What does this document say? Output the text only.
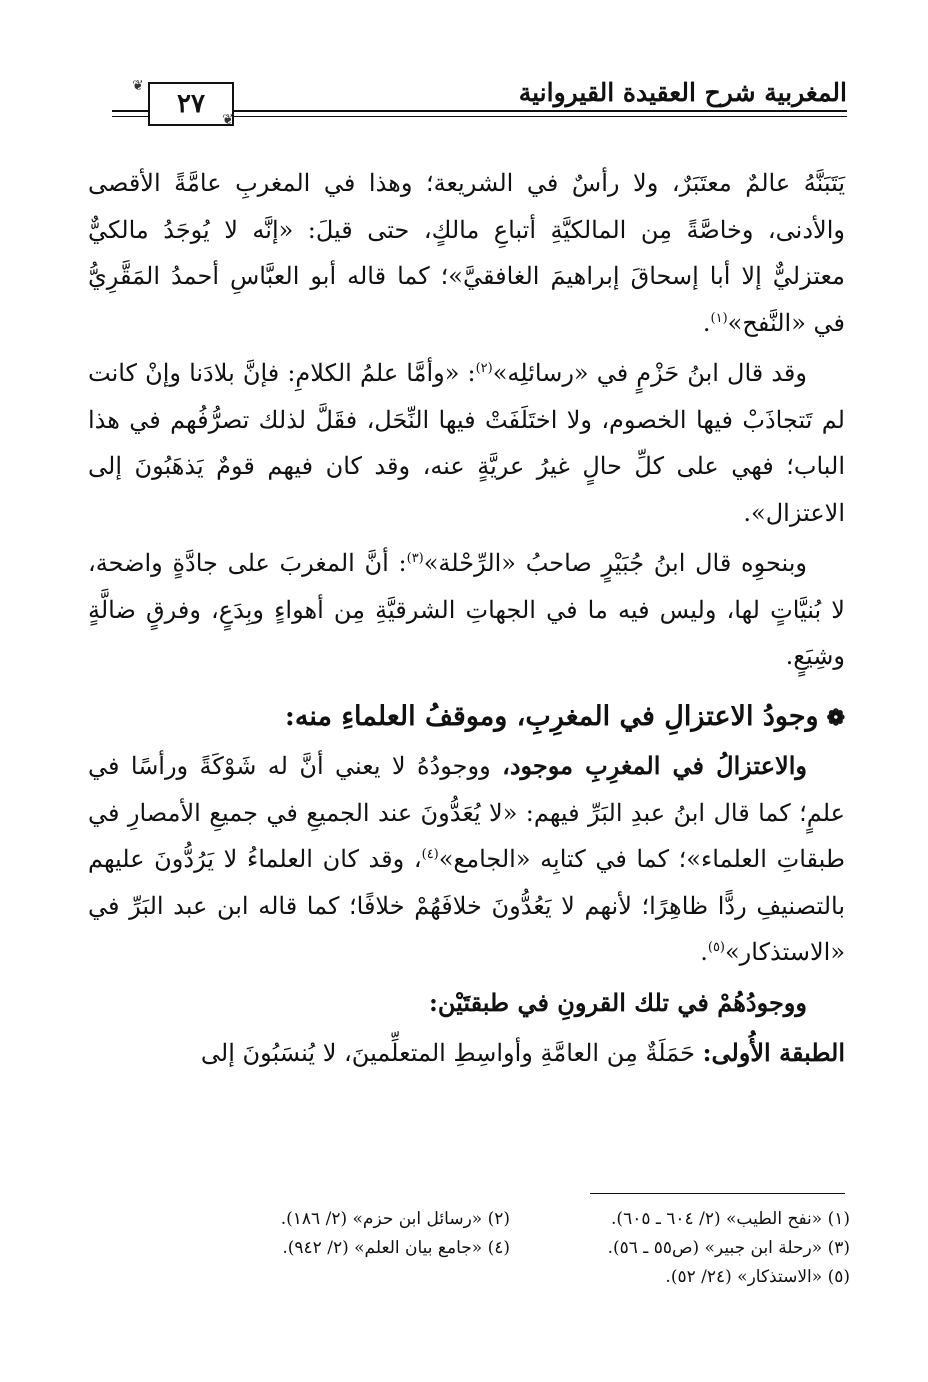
المغربية شرح العقيدة القيروانية
٢٧
❦
❦

يَتَبَنَّهُ عالمٌ معتَبَرٌ، ولا رأسٌ في الشريعة؛ وهذا في المغربِ عامَّةً الأقصى والأدنى، وخاصَّةً مِن المالكيَّةِ أتباعِ مالكٍ، حتى قيلَ: «إنَّه لا يُوجَدُ مالكيٌّ معتزليٌّ إلا أبا إسحاقَ إبراهيمَ الغافقيَّ»؛ كما قاله أبو العبَّاسِ أحمدُ المَقَّرِيُّ في «النَّفح»$^{(١)}$.

وقد قال ابنُ حَزْمٍ في «رسائلِه»$^{(٢)}$: «وأمَّا علمُ الكلامِ: فإنَّ بلادَنا وإنْ كانت لم تَتجاذَبْ فيها الخصوم، ولا اختَلَفَتْ فيها النِّحَل، فقَلَّ لذلك تصرُّفُهم في هذا الباب؛ فهي على كلِّ حالٍ غيرُ عريَّةٍ عنه، وقد كان فيهم قومٌ يَذهَبُونَ إلى الاعتزال».

وبنحوِه قال ابنُ جُبَيْرٍ صاحبُ «الرِّحْلة»$^{(٣)}$: أنَّ المغربَ على جادَّةٍ واضحة، لا بُنيَّاتٍ لها، وليس فيه ما في الجهاتِ الشرقيَّةِ مِن أهواءٍ وبِدَعٍ، وفرقٍ ضالَّةٍ وشِيَعٍ.

❁وجودُ الاعتزالِ في المغرِبِ، وموقفُ العلماءِ منه:

والاعتزالُ في المغرِبِ موجود، ووجودُهُ لا يعني أنَّ له شَوْكَةً ورأسًا في علمٍ؛ كما قال ابنُ عبدِ البَرِّ فيهم: «لا يُعَدُّونَ عند الجميعِ في جميعِ الأمصارِ في طبقاتِ العلماء»؛ كما في كتابِه «الجامع»$^{(٤)}$، وقد كان العلماءُ لا يَرُدُّونَ عليهم بالتصنيفِ ردًّا ظاهِرًا؛ لأنهم لا يَعُدُّونَ خلافَهُمْ خلافًا؛ كما قاله ابن عبد البَرِّ في «الاستذكار»$^{(٥)}$.

ووجودُهُمْ في تلك القرونِ في طبقتَيْن:

الطبقة الأُولى: حَمَلَةٌ مِن العامَّةِ وأواسِطِ المتعلِّمينَ، لا يُنسَبُونَ إلى

(١) «نفح الطيب» (٢/ ٦٠٤ ـ ٦٠٥).
(٢) «رسائل ابن حزم» (٢/ ١٨٦).
(٣) «رحلة ابن جبير» (ص٥٥ ـ ٥٦).
(٤) «جامع بيان العلم» (٢/ ٩٤٢).
(٥) «الاستذكار» (٢٤/ ٥٢).
